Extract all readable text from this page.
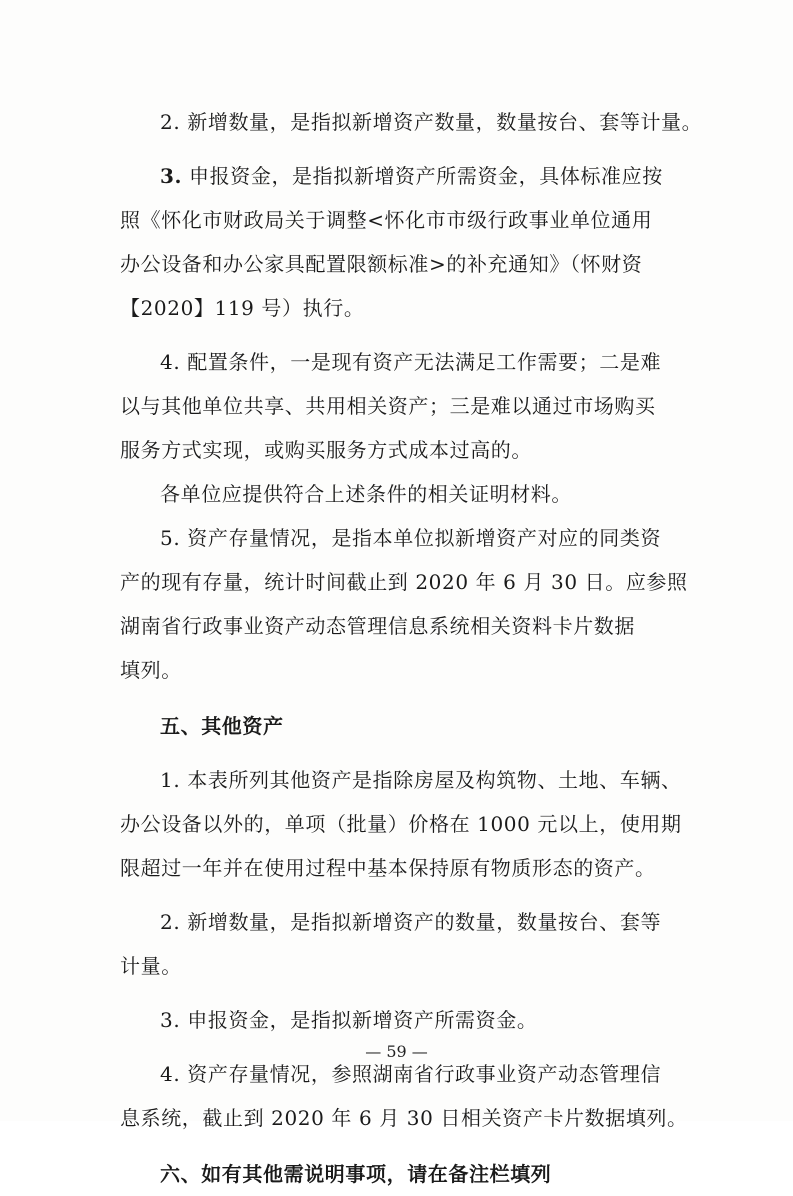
2. 新增数量，是指拟新增资产数量，数量按台、套等计量。
3. 申报资金，是指拟新增资产所需资金，具体标准应按
照《怀化市财政局关于调整<怀化市市级行政事业单位通用
办公设备和办公家具配置限额标准>的补充通知》（怀财资
【2020】119 号）执行。
4. 配置条件，一是现有资产无法满足工作需要；二是难
以与其他单位共享、共用相关资产；三是难以通过市场购买
服务方式实现，或购买服务方式成本过高的。
各单位应提供符合上述条件的相关证明材料。
5. 资产存量情况，是指本单位拟新增资产对应的同类资
产的现有存量，统计时间截止到 2020 年 6 月 30 日。应参照
湖南省行政事业资产动态管理信息系统相关资料卡片数据
填列。
五、其他资产
1. 本表所列其他资产是指除房屋及构筑物、土地、车辆、
办公设备以外的，单项（批量）价格在 1000 元以上，使用期
限超过一年并在使用过程中基本保持原有物质形态的资产。
2. 新增数量，是指拟新增资产的数量，数量按台、套等
计量。
3. 申报资金，是指拟新增资产所需资金。
4. 资产存量情况，参照湖南省行政事业资产动态管理信
息系统，截止到 2020 年 6 月 30 日相关资产卡片数据填列。
六、如有其他需说明事项，请在备注栏填列
— 59 —
